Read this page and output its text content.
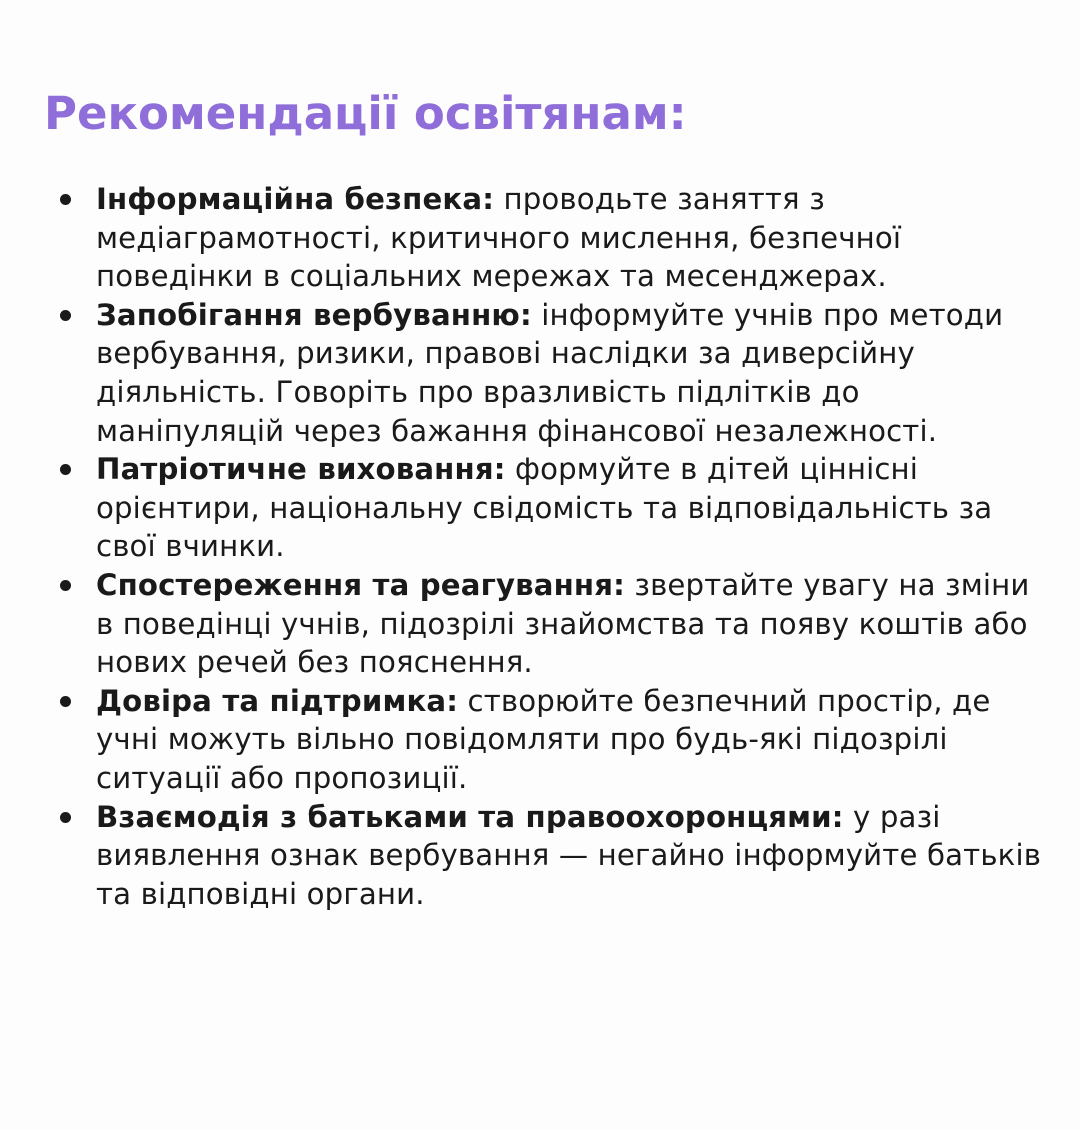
Рекомендації освітянам:
Інформаційна безпека: проводьте заняття з медіаграмотності, критичного мислення, безпечної поведінки в соціальних мережах та месенджерах.
Запобігання вербуванню: інформуйте учнів про методи вербування, ризики, правові наслідки за диверсійну діяльність. Говоріть про вразливість підлітків до маніпуляцій через бажання фінансової незалежності.
Патріотичне виховання: формуйте в дітей ціннісні орієнтири, національну свідомість та відповідальність за свої вчинки.
Спостереження та реагування: звертайте увагу на зміни в поведінці учнів, підозрілі знайомства та появу коштів або нових речей без пояснення.
Довіра та підтримка: створюйте безпечний простір, де учні можуть вільно повідомляти про будь-які підозрілі ситуації або пропозиції.
Взаємодія з батьками та правоохоронцями: у разі виявлення ознак вербування — негайно інформуйте батьків та відповідні органи.
